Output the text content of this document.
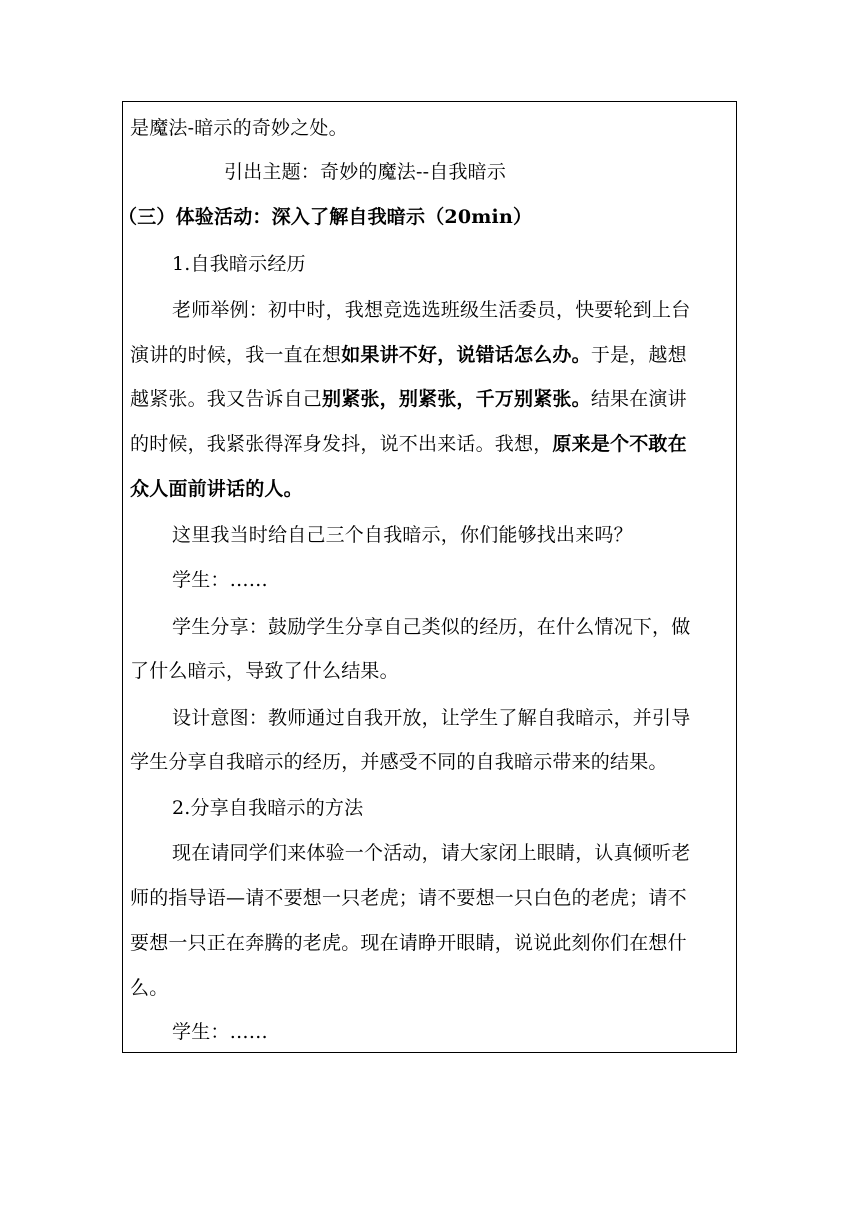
是魔法-暗示的奇妙之处。
引出主题：奇妙的魔法--自我暗示
（三）体验活动：深入了解自我暗示（20min）
1.自我暗示经历
老师举例：初中时，我想竞选选班级生活委员，快要轮到上台
演讲的时候，我一直在想如果讲不好，说错话怎么办。于是，越想
越紧张。我又告诉自己别紧张，别紧张，千万别紧张。结果在演讲
的时候，我紧张得浑身发抖，说不出来话。我想，原来是个不敢在
众人面前讲话的人。
这里我当时给自己三个自我暗示，你们能够找出来吗？
学生：……
学生分享：鼓励学生分享自己类似的经历，在什么情况下，做
了什么暗示，导致了什么结果。
设计意图：教师通过自我开放，让学生了解自我暗示，并引导
学生分享自我暗示的经历，并感受不同的自我暗示带来的结果。
2.分享自我暗示的方法
现在请同学们来体验一个活动，请大家闭上眼睛，认真倾听老
师的指导语—请不要想一只老虎；请不要想一只白色的老虎；请不
要想一只正在奔腾的老虎。现在请睁开眼睛，说说此刻你们在想什
么。
学生：……
